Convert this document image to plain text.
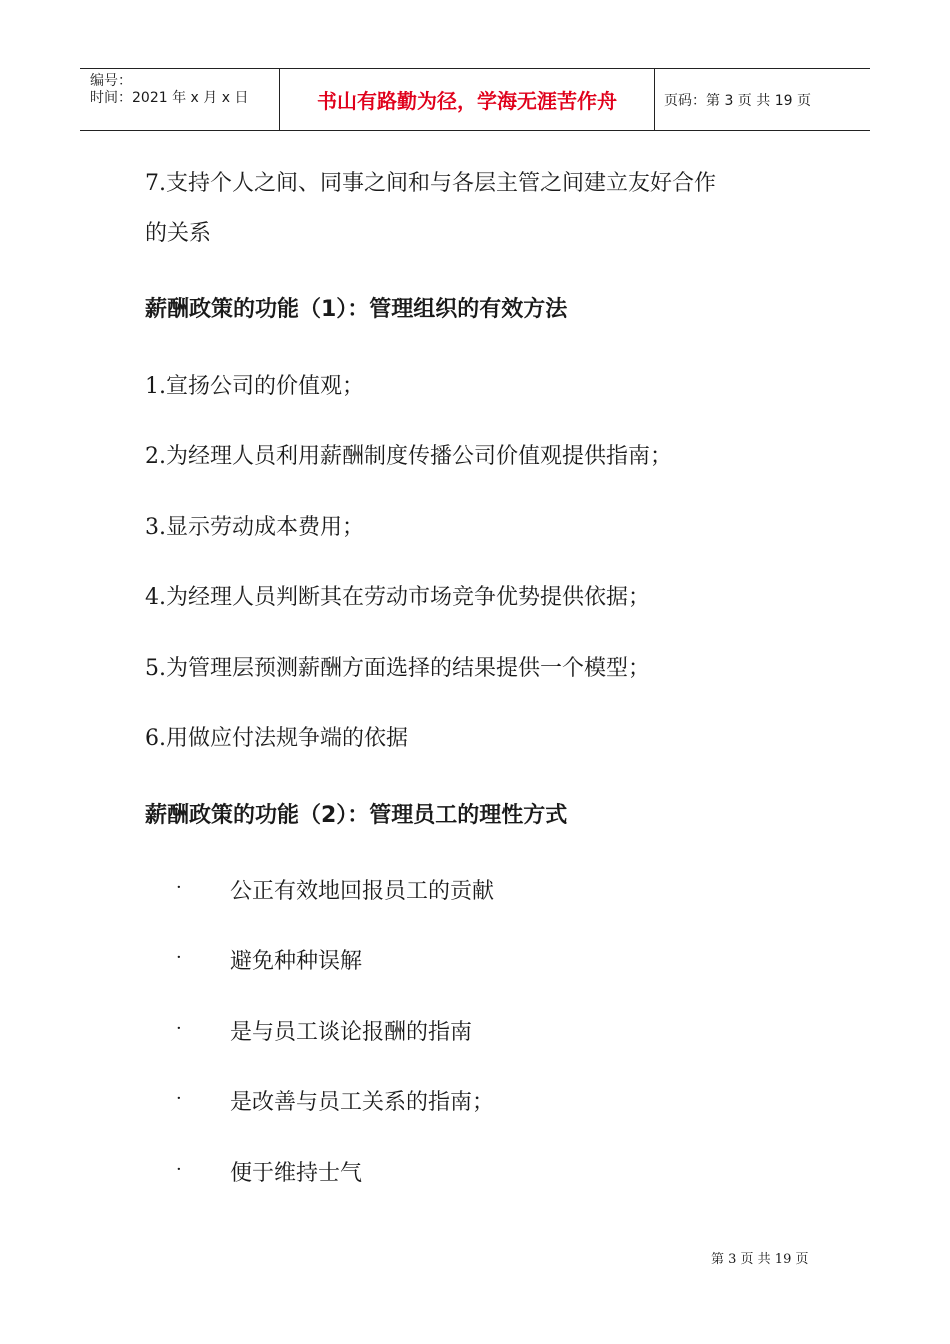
编号：
时间：2021 年 x 月 x 日	书山有路勤为径，学海无涯苦作舟	页码：第 3 页 共 19 页
7.支持个人之间、同事之间和与各层主管之间建立友好合作
的关系
薪酬政策的功能（1）：管理组织的有效方法
1.宣扬公司的价值观；
2.为经理人员利用薪酬制度传播公司价值观提供指南；
3.显示劳动成本费用；
4.为经理人员判断其在劳动市场竞争优势提供依据；
5.为管理层预测薪酬方面选择的结果提供一个模型；
6.用做应付法规争端的依据
薪酬政策的功能（2）：管理员工的理性方式
· 公正有效地回报员工的贡献
· 避免种种误解
· 是与员工谈论报酬的指南
· 是改善与员工关系的指南；
· 便于维持士气
第 3 页 共 19 页
